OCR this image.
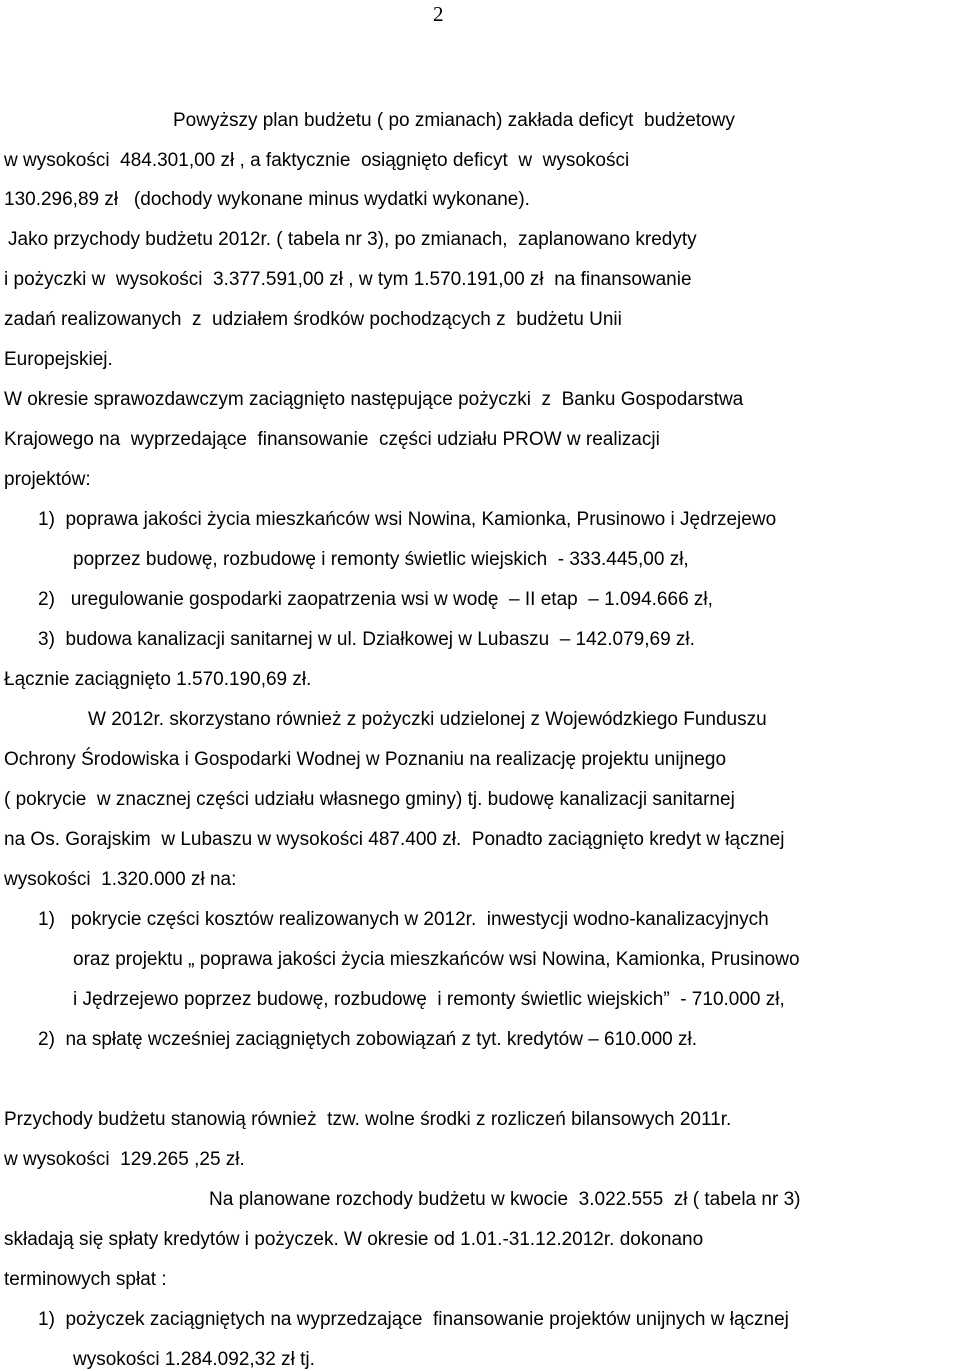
2
Powyższy plan budżetu ( po zmianach) zakłada deficyt  budżetowy
w wysokości  484.301,00 zł , a faktycznie  osiągnięto deficyt  w  wysokości
130.296,89 zł   (dochody wykonane minus wydatki wykonane).
Jako przychody budżetu 2012r. ( tabela nr 3), po zmianach,  zaplanowano kredyty
i pożyczki w  wysokości  3.377.591,00 zł , w tym 1.570.191,00 zł  na finansowanie
zadań realizowanych  z  udziałem środków pochodzących z  budżetu Unii
Europejskiej.
W okresie sprawozdawczym zaciągnięto następujące pożyczki  z  Banku Gospodarstwa
Krajowego na  wyprzedające  finansowanie  części udziału PROW w realizacji
projektów:
1)  poprawa jakości życia mieszkańców wsi Nowina, Kamionka, Prusinowo i Jędrzejewo
poprzez budowę, rozbudowę i remonty świetlic wiejskich  - 333.445,00 zł,
2)   uregulowanie gospodarki zaopatrzenia wsi w wodę  – II etap  – 1.094.666 zł,
3)  budowa kanalizacji sanitarnej w ul. Działkowej w Lubaszu  – 142.079,69 zł.
Łącznie zaciągnięto 1.570.190,69 zł.
W 2012r. skorzystano również z pożyczki udzielonej z Wojewódzkiego Funduszu
Ochrony Środowiska i Gospodarki Wodnej w Poznaniu na realizację projektu unijnego
( pokrycie  w znacznej części udziału własnego gminy) tj. budowę kanalizacji sanitarnej
na Os. Gorajskim  w Lubaszu w wysokości 487.400 zł.  Ponadto zaciągnięto kredyt w łącznej
wysokości  1.320.000 zł na:
1)   pokrycie części kosztów realizowanych w 2012r.  inwestycji wodno-kanalizacyjnych
oraz projektu „ poprawa jakości życia mieszkańców wsi Nowina, Kamionka, Prusinowo
i Jędrzejewo poprzez budowę, rozbudowę  i remonty świetlic wiejskich”  - 710.000 zł,
2)  na spłatę wcześniej zaciągniętych zobowiązań z tyt. kredytów – 610.000 zł.
Przychody budżetu stanowią również  tzw. wolne środki z rozliczeń bilansowych 2011r.
w wysokości  129.265 ,25 zł.
Na planowane rozchody budżetu w kwocie  3.022.555  zł ( tabela nr 3)
składają się spłaty kredytów i pożyczek. W okresie od 1.01.-31.12.2012r. dokonano
terminowych spłat :
1)  pożyczek zaciągniętych na wyprzedzające  finansowanie projektów unijnych w łącznej
wysokości 1.284.092,32 zł tj.
